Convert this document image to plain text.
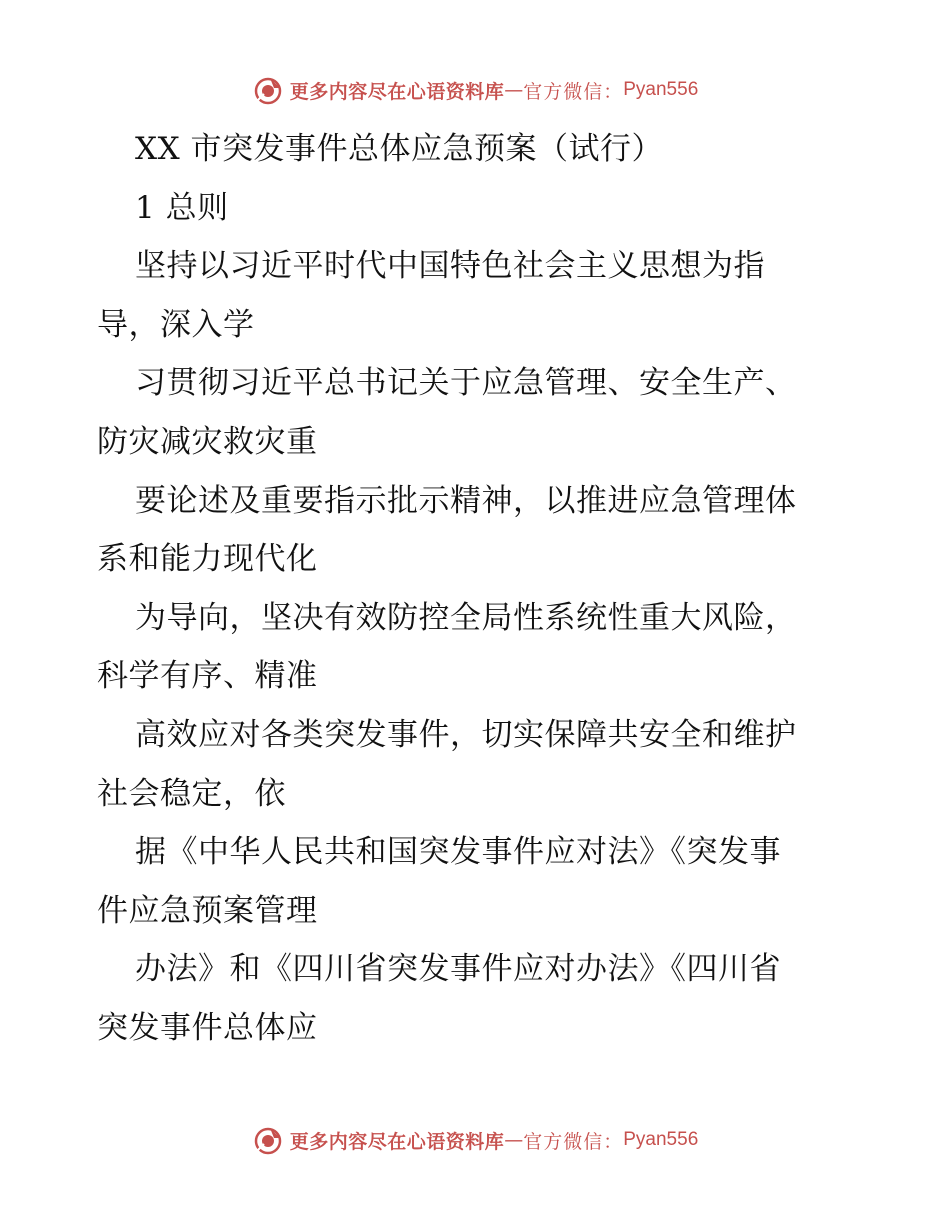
更多内容尽在心语资料库 — 官方微信： Pyan556
XX 市突发事件总体应急预案（试行）
1 总则
坚持以习近平时代中国特色社会主义思想为指
导，深入学
习贯彻习近平总书记关于应急管理、安全生产、
防灾减灾救灾重
要论述及重要指示批示精神，以推进应急管理体
系和能力现代化
为导向，坚决有效防控全局性系统性重大风险，
科学有序、精准
高效应对各类突发事件，切实保障共安全和维护
社会稳定，依
据《中华人民共和国突发事件应对法》《突发事
件应急预案管理
办法》和《四川省突发事件应对办法》《四川省
突发事件总体应
更多内容尽在心语资料库 — 官方微信： Pyan556
